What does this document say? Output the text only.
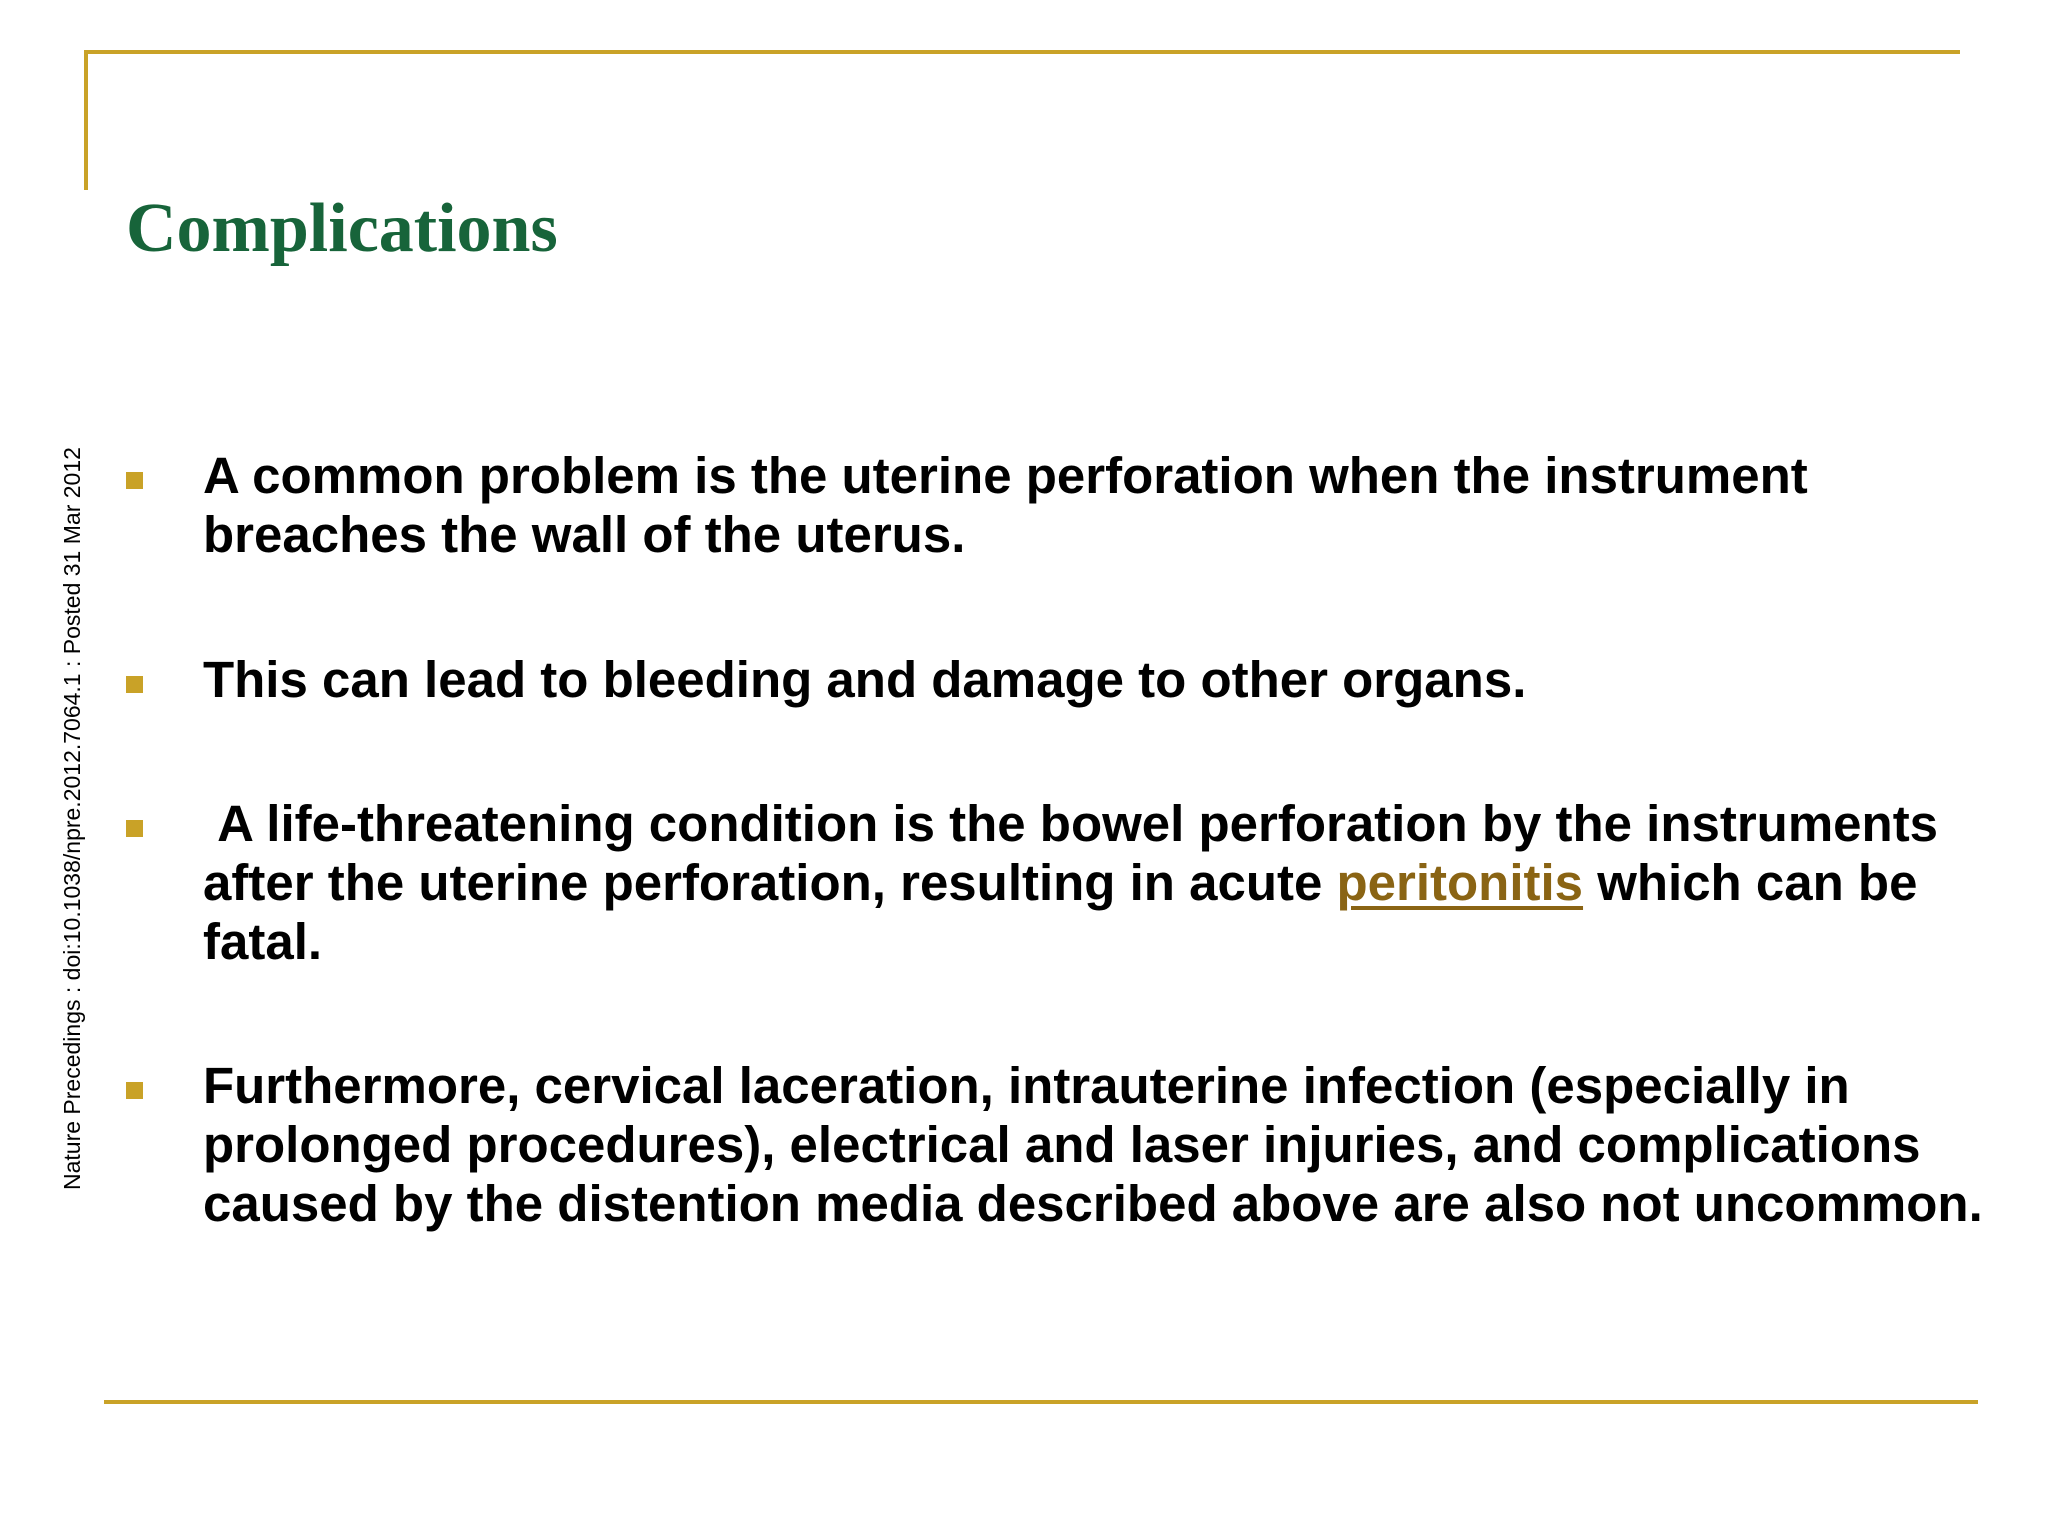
Complications
Nature Precedings : doi:10.1038/npre.2012.7064.1 : Posted 31 Mar 2012 A common problem is the uterine perforation when the instrument breaches the wall of the uterus.

This can lead to bleeding and damage to other organs.

A life-threatening condition is the bowel perforation by the instruments after the uterine perforation, resulting in acute peritonitis which can be fatal.

Furthermore, cervical laceration, intrauterine infection (especially in prolonged procedures), electrical and laser injuries, and complications caused by the distention media described above are also not uncommon.
